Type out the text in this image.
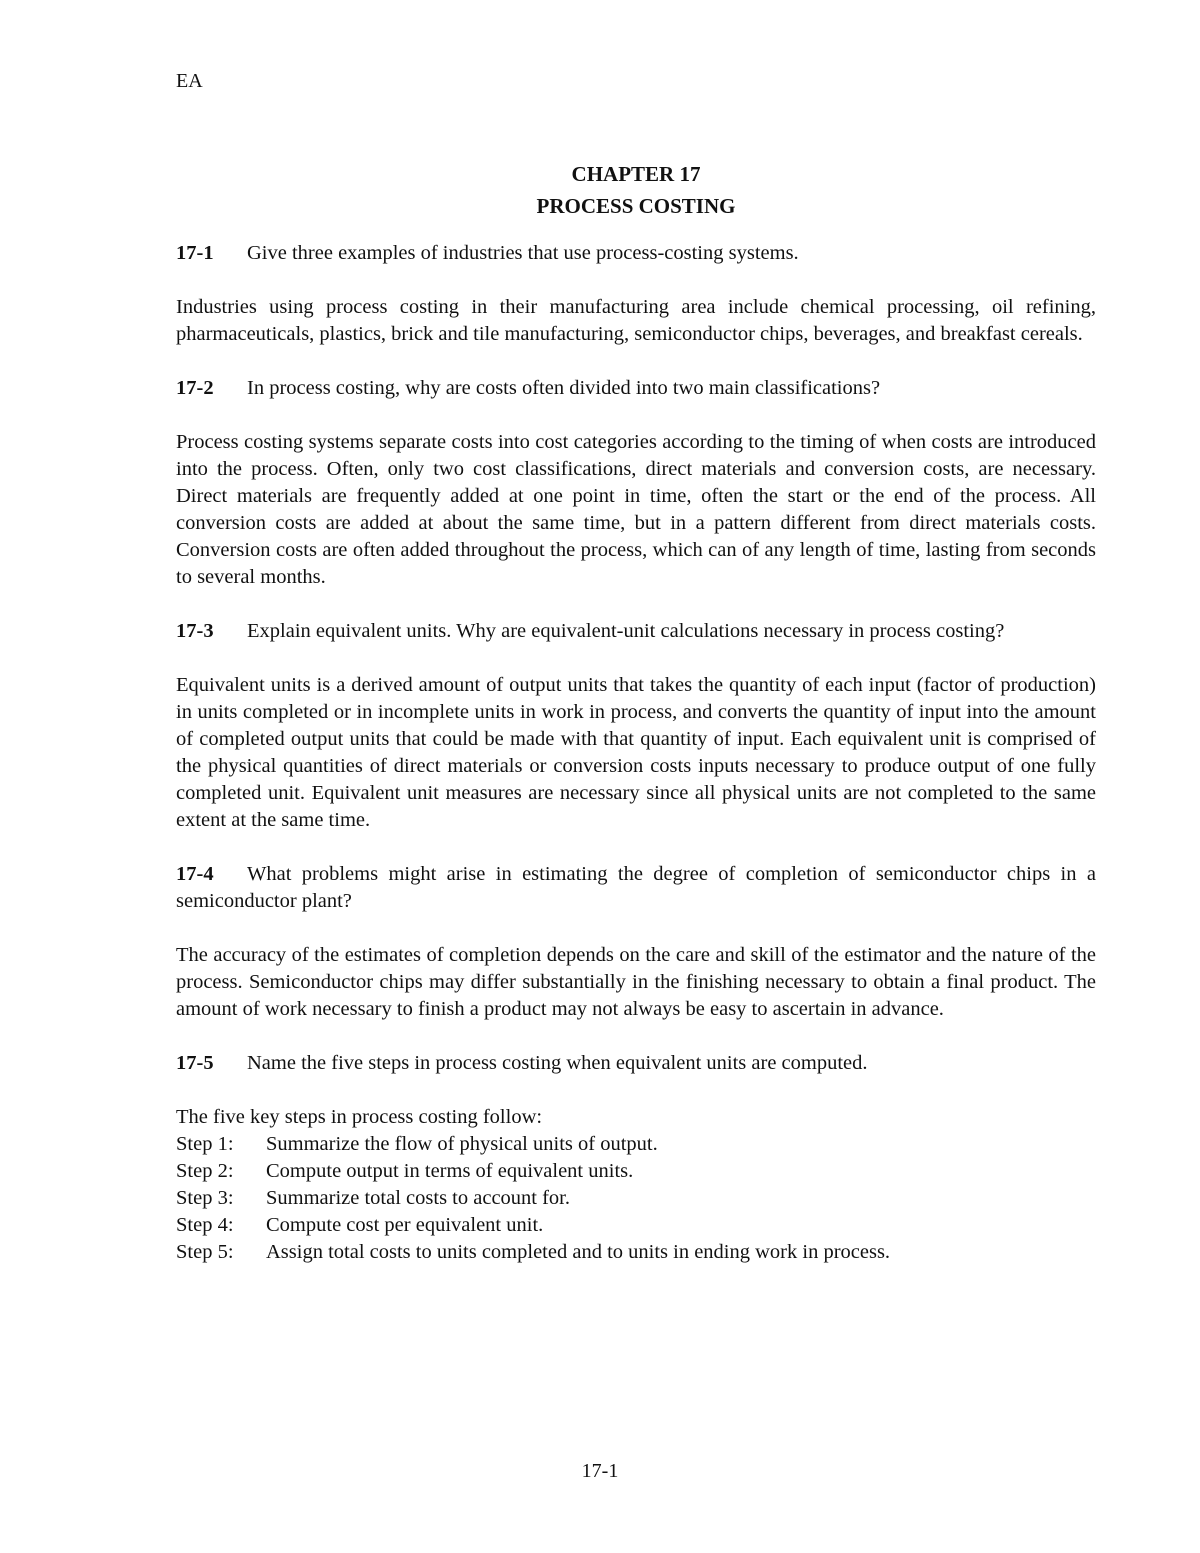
EA
CHAPTER 17
PROCESS COSTING

17-1 Give three examples of industries that use process-costing systems.

Industries using process costing in their manufacturing area include chemical processing, oil refining, pharmaceuticals, plastics, brick and tile manufacturing, semiconductor chips, beverages, and breakfast cereals.

17-2 In process costing, why are costs often divided into two main classifications?

Process costing systems separate costs into cost categories according to the timing of when costs are introduced into the process. Often, only two cost classifications, direct materials and conversion costs, are necessary. Direct materials are frequently added at one point in time, often the start or the end of the process. All conversion costs are added at about the same time, but in a pattern different from direct materials costs. Conversion costs are often added throughout the process, which can of any length of time, lasting from seconds to several months.

17-3 Explain equivalent units. Why are equivalent-unit calculations necessary in process costing?

Equivalent units is a derived amount of output units that takes the quantity of each input (factor of production) in units completed or in incomplete units in work in process, and converts the quantity of input into the amount of completed output units that could be made with that quantity of input. Each equivalent unit is comprised of the physical quantities of direct materials or conversion costs inputs necessary to produce output of one fully completed unit. Equivalent unit measures are necessary since all physical units are not completed to the same extent at the same time.

17-4 What problems might arise in estimating the degree of completion of semiconductor chips in a semiconductor plant?

The accuracy of the estimates of completion depends on the care and skill of the estimator and the nature of the process. Semiconductor chips may differ substantially in the finishing necessary to obtain a final product. The amount of work necessary to finish a product may not always be easy to ascertain in advance.

17-5 Name the five steps in process costing when equivalent units are computed.

The five key steps in process costing follow:

Step 1:	Summarize the flow of physical units of output.
Step 2:	Compute output in terms of equivalent units.
Step 3:	Summarize total costs to account for.
Step 4:	Compute cost per equivalent unit.
Step 5:	Assign total costs to units completed and to units in ending work in process.
17-1
